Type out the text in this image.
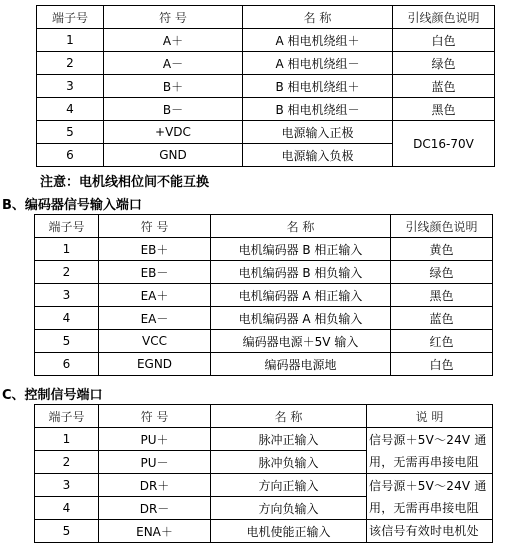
端子号	符 号	名 称	引线颜色说明
1	A＋	A 相电机绕组＋	白色
2	A－	A 相电机绕组－	绿色
3	B＋	B 相电机绕组＋	蓝色
4	B－	B 相电机绕组－	黑色
5	+VDC	电源输入正极	DC16-70V
6	GND	电源输入负极	
注意：电机线相位间不能互换
B、编码器信号输入端口
端子号	符 号	名 称	引线颜色说明
1	EB＋	电机编码器 B 相正输入	黄色
2	EB－	电机编码器 B 相负输入	绿色
3	EA＋	电机编码器 A 相正输入	黑色
4	EA－	电机编码器 A 相负输入	蓝色
5	VCC	编码器电源＋5V 输入	红色
6	EGND	编码器电源地	白色
C、控制信号端口
端子号	符 号	名 称	说 明
1	PU＋	脉冲正输入	信号源＋5V～24V 通用，无需再串接电阻
2	PU－	脉冲负输入	
3	DR＋	方向正输入	信号源＋5V～24V 通用，无需再串接电阻
4	DR－	方向负输入	
5	ENA＋	电机使能正输入	该信号有效时电机处
